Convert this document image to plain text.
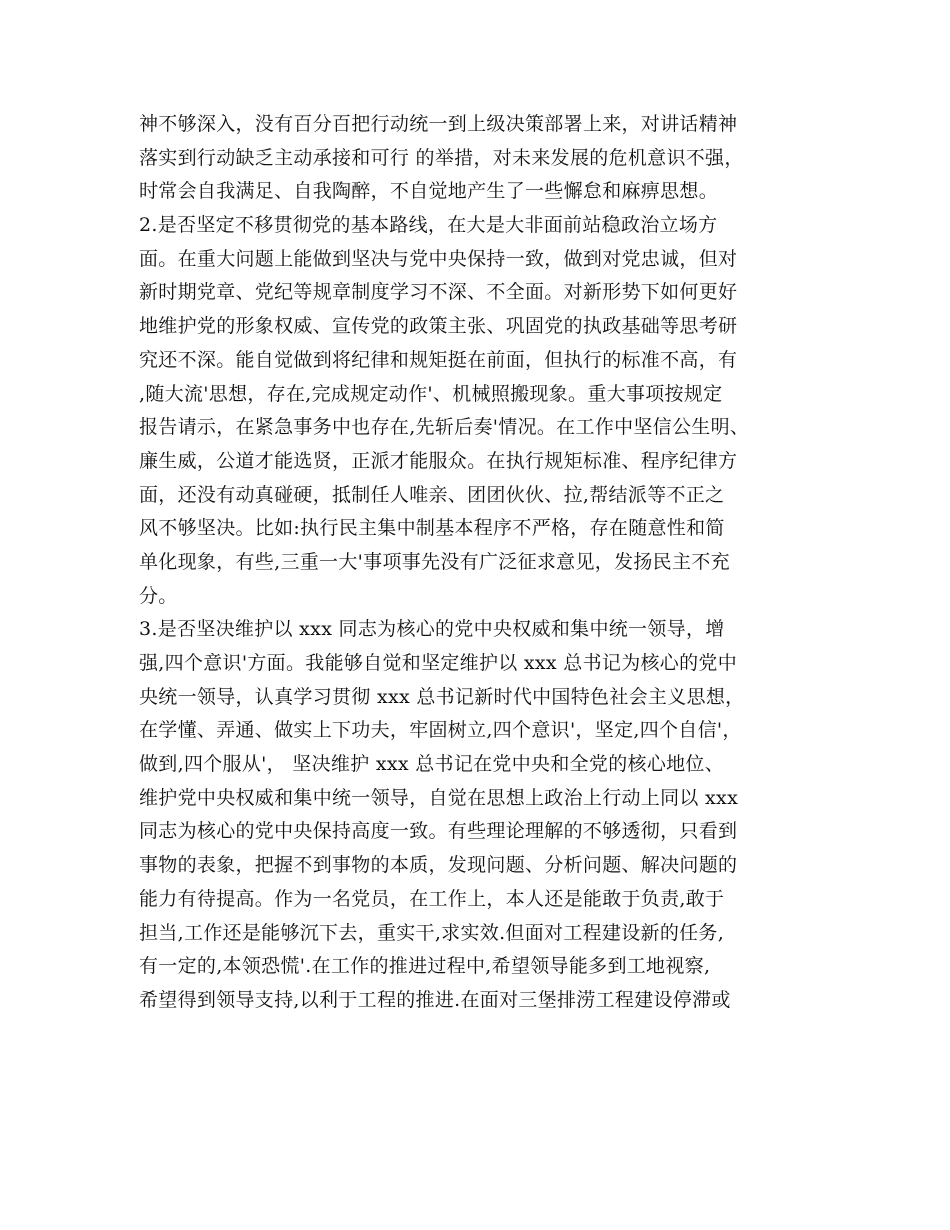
神不够深入，没有百分百把行动统一到上级决策部署上来，对讲话精神
落实到行动缺乏主动承接和可行 的举措，对未来发展的危机意识不强，
时常会自我满足、自我陶醉，不自觉地产生了一些懈怠和麻痹思想。
2.是否坚定不移贯彻党的基本路线，在大是大非面前站稳政治立场方
面。在重大问题上能做到坚决与党中央保持一致，做到对党忠诚，但对
新时期党章、党纪等规章制度学习不深、不全面。对新形势下如何更好
地维护党的形象权威、宣传党的政策主张、巩固党的执政基础等思考研
究还不深。能自觉做到将纪律和规矩挺在前面，但执行的标准不高，有
,随大流'思想，存在,完成规定动作'、机械照搬现象。重大事项按规定
报告请示，在紧急事务中也存在,先斩后奏'情况。在工作中坚信公生明、
廉生威，公道才能选贤，正派才能服众。在执行规矩标准、程序纪律方
面，还没有动真碰硬，抵制任人唯亲、团团伙伙、拉,帮结派等不正之
风不够坚决。比如:执行民主集中制基本程序不严格，存在随意性和简
单化现象，有些,三重一大'事项事先没有广泛征求意见，发扬民主不充
分。
3.是否坚决维护以 xxx 同志为核心的党中央权威和集中统一领导，增
强,四个意识'方面。我能够自觉和坚定维护以 xxx 总书记为核心的党中
央统一领导，认真学习贯彻 xxx 总书记新时代中国特色社会主义思想，
在学懂、弄通、做实上下功夫，牢固树立,四个意识'，坚定,四个自信'，
做到,四个服从'， 坚决维护 xxx 总书记在党中央和全党的核心地位、
维护党中央权威和集中统一领导，自觉在思想上政治上行动上同以 xxx
同志为核心的党中央保持高度一致。有些理论理解的不够透彻，只看到
事物的表象，把握不到事物的本质，发现问题、分析问题、解决问题的
能力有待提高。作为一名党员，在工作上，本人还是能敢于负责,敢于
担当,工作还是能够沉下去，重实干,求实效.但面对工程建设新的任务,
有一定的,本领恐慌'.在工作的推进过程中,希望领导能多到工地视察,
希望得到领导支持,以利于工程的推进.在面对三堡排涝工程建设停滞或
